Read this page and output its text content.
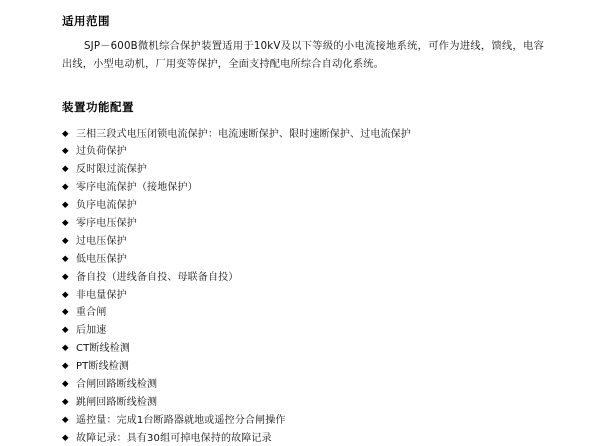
适用范围

SJP－600B微机综合保护装置适用于10kV及以下等级的小电流接地系统，可作为进线，馈线，电容出线，小型电动机，厂用变等保护，全面支持配电所综合自动化系统。

装置功能配置
◆ 三相三段式电压闭锁电流保护：电流速断保护、限时速断保护、过电流保护
◆ 过负荷保护
◆ 反时限过流保护
◆ 零序电流保护（接地保护）
◆ 负序电流保护
◆ 零序电压保护
◆ 过电压保护
◆ 低电压保护
◆ 备自投（进线备自投、母联备自投）
◆ 非电量保护
◆ 重合闸
◆ 后加速
◆ CT断线检测
◆ PT断线检测
◆ 合闸回路断线检测
◆ 跳闸回路断线检测
◆ 遥控量：完成1台断路器就地或遥控分合闸操作
◆ 故障记录：具有30组可掉电保持的故障记录
